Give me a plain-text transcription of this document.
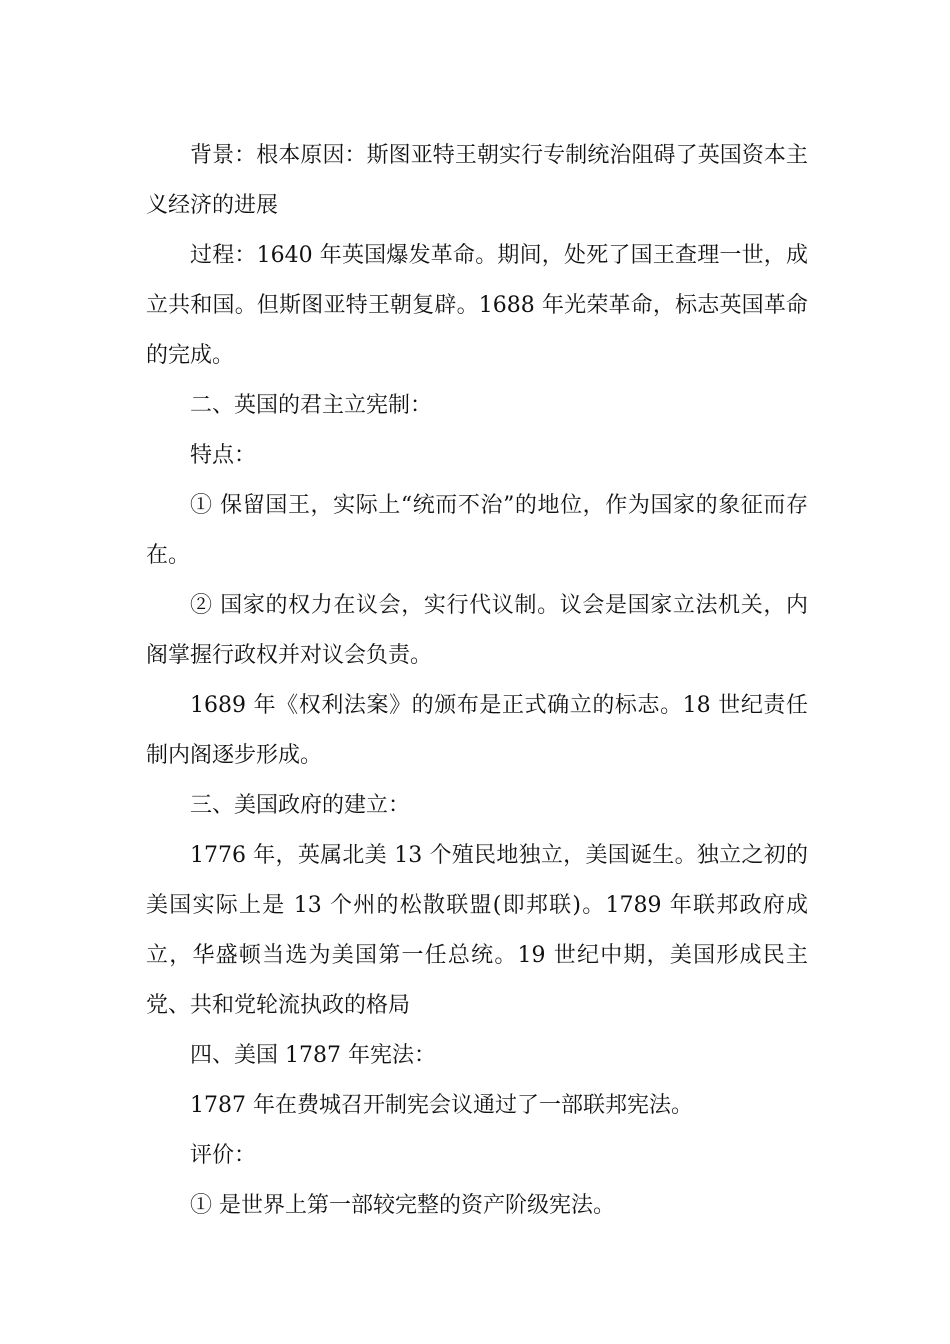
背景：根本原因：斯图亚特王朝实行专制统治阻碍了英国资本主义经济的进展

过程：1640 年英国爆发革命。期间，处死了国王查理一世，成立共和国。但斯图亚特王朝复辟。1688 年光荣革命，标志英国革命的完成。

二、英国的君主立宪制：

特点：

① 保留国王，实际上“统而不治”的地位，作为国家的象征而存在。

② 国家的权力在议会，实行代议制。议会是国家立法机关，内阁掌握行政权并对议会负责。

1689 年《权利法案》的颁布是正式确立的标志。18 世纪责任制内阁逐步形成。

三、美国政府的建立：

1776 年，英属北美 13 个殖民地独立，美国诞生。独立之初的美国实际上是 13 个州的松散联盟(即邦联)。1789 年联邦政府成立，华盛顿当选为美国第一任总统。19 世纪中期，美国形成民主党、共和党轮流执政的格局

四、美国 1787 年宪法：

1787 年在费城召开制宪会议通过了一部联邦宪法。

评价：

① 是世界上第一部较完整的资产阶级宪法。
